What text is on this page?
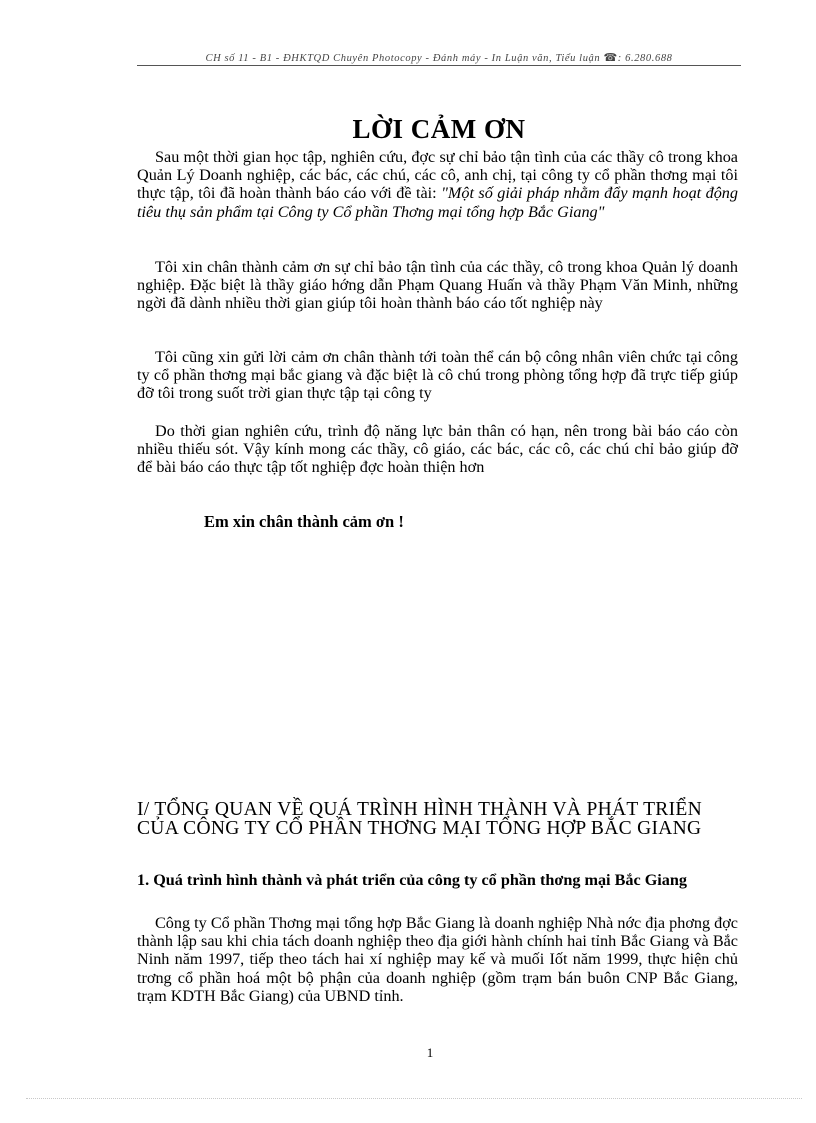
CH số 11 - B1 - ĐHKTQD Chuyên Photocopy - Đánh máy - In Luận văn, Tiểu luận ☎: 6.280.688
LỜI CẢM ƠN

Sau một thời gian học tập, nghiên cứu, đợc sự chỉ bảo tận tình của các thầy cô trong khoa Quản Lý Doanh nghiệp, các bác, các chú, các cô, anh chị, tại công ty cổ phần thơng mại tôi thực tập, tôi đã hoàn thành báo cáo với đề tài: "Một số giải pháp nhằm đẩy mạnh hoạt động tiêu thụ sản phẩm tại Công ty Cổ phần Thơng mại tổng hợp Bắc Giang"

Tôi xin chân thành cảm ơn sự chỉ bảo tận tình của các thầy, cô trong khoa Quản lý doanh nghiệp. Đặc biệt là thầy giáo hớng dẫn Phạm Quang Huấn và thầy Phạm Văn Minh, những ngời đã dành nhiều thời gian giúp tôi hoàn thành báo cáo tốt nghiệp này

Tôi cũng xin gửi lời cảm ơn chân thành tới toàn thể cán bộ công nhân viên chức tại công ty cổ phần thơng mại bắc giang và đặc biệt là cô chú trong phòng tổng hợp đã trực tiếp giúp đỡ tôi trong suốt trời gian thực tập tại công ty

Do thời gian nghiên cứu, trình độ năng lực bản thân có hạn, nên trong bài báo cáo còn nhiều thiếu sót. Vậy kính mong các thầy, cô giáo, các bác, các cô, các chú chỉ bảo giúp đỡ để bài báo cáo thực tập tốt nghiệp đợc hoàn thiện hơn

Em xin chân thành cảm ơn !

I/ TỔNG QUAN VỀ QUÁ TRÌNH HÌNH THÀNH VÀ PHÁT TRIỂN CỦA CÔNG TY CỔ PHẦN THƠNG MẠI TỔNG HỢP BẮC GIANG
1. Quá trình hình thành và phát triển của công ty cổ phần thơng mại Bắc Giang

Công ty Cổ phần Thơng mại tổng hợp Bắc Giang là doanh nghiệp Nhà nớc địa phơng đợc thành lập sau khi chia tách doanh nghiệp theo địa giới hành chính hai tỉnh Bắc Giang và Bắc Ninh năm 1997, tiếp theo tách hai xí nghiệp may kế và muối Iốt năm 1999, thực hiện chủ trơng cổ phần hoá một bộ phận của doanh nghiệp (gồm trạm bán buôn CNP Bắc Giang, trạm KDTH Bắc Giang) của UBND tỉnh.

1
